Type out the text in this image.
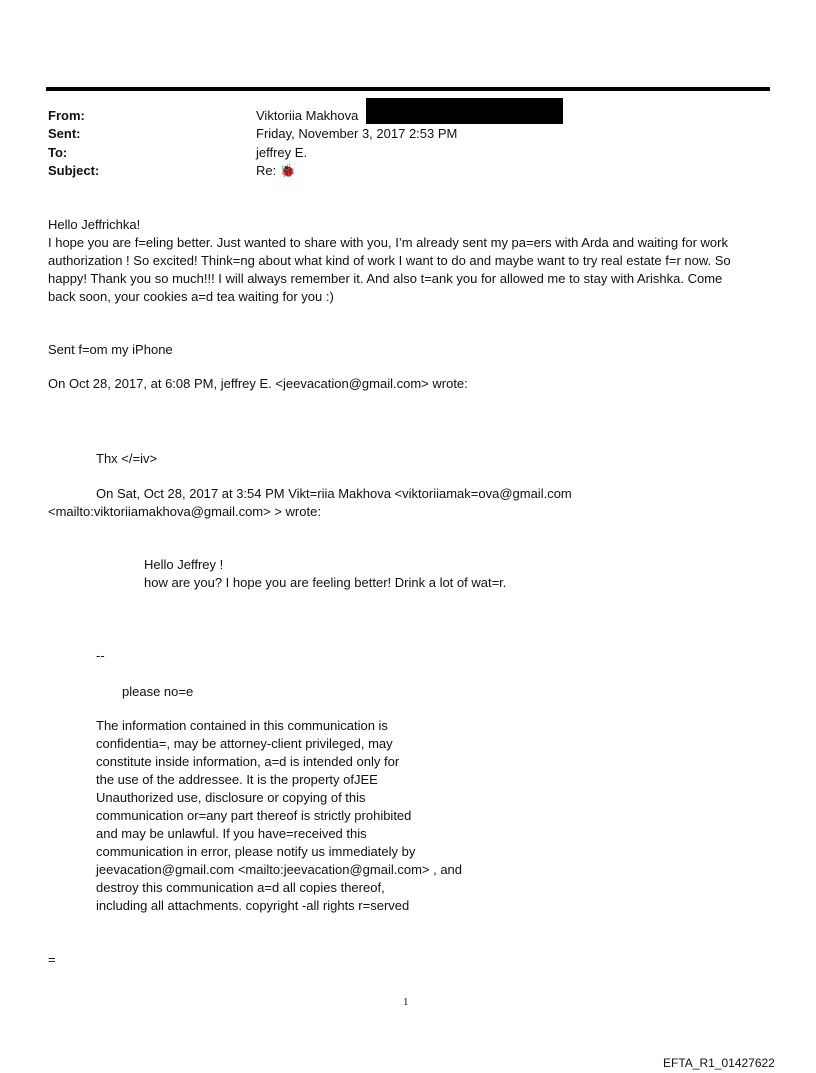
From:	Viktoriia Makhova
Sent:	Friday, November 3, 2017 2:53 PM
To:	jeffrey E.
Subject:	Re: 🐞
Hello Jeffrichka!
I hope you are f=eling better. Just wanted to share with you, I’m already sent my pa=ers with Arda and waiting for work
authorization ! So excited! Think=ng about what kind of work I want to do and maybe want to try real estate f=r now. So
happy! Thank you so much!!! I will always remember it. And also t=ank you for allowed me to stay with Arishka. Come
back soon, your cookies a=d tea waiting for you :)
Sent f=om my iPhone
On Oct 28, 2017, at 6:08 PM, jeffrey E. <jeevacation@gmail.com> wrote:
Thx </=iv>
On Sat, Oct 28, 2017 at 3:54 PM Vikt=riia Makhova <viktoriiamak=ova@gmail.com
<mailto:viktoriiamakhova@gmail.com> > wrote:
Hello Jeffrey !
how are you? I hope you are feeling better! Drink a lot of wat=r.
--
please no=e
The information contained in this communication is
confidentia=, may be attorney-client privileged, may
constitute inside information, a=d is intended only for
the use of the addressee. It is the property ofJEE
Unauthorized use, disclosure or copying of this
communication or=any part thereof is strictly prohibited
and may be unlawful. If you have=received this
communication in error, please notify us immediately by
jeevacation@gmail.com <mailto:jeevacation@gmail.com> , and
destroy this communication a=d all copies thereof,
including all attachments. copyright -all rights r=served
=
1
EFTA_R1_01427622
